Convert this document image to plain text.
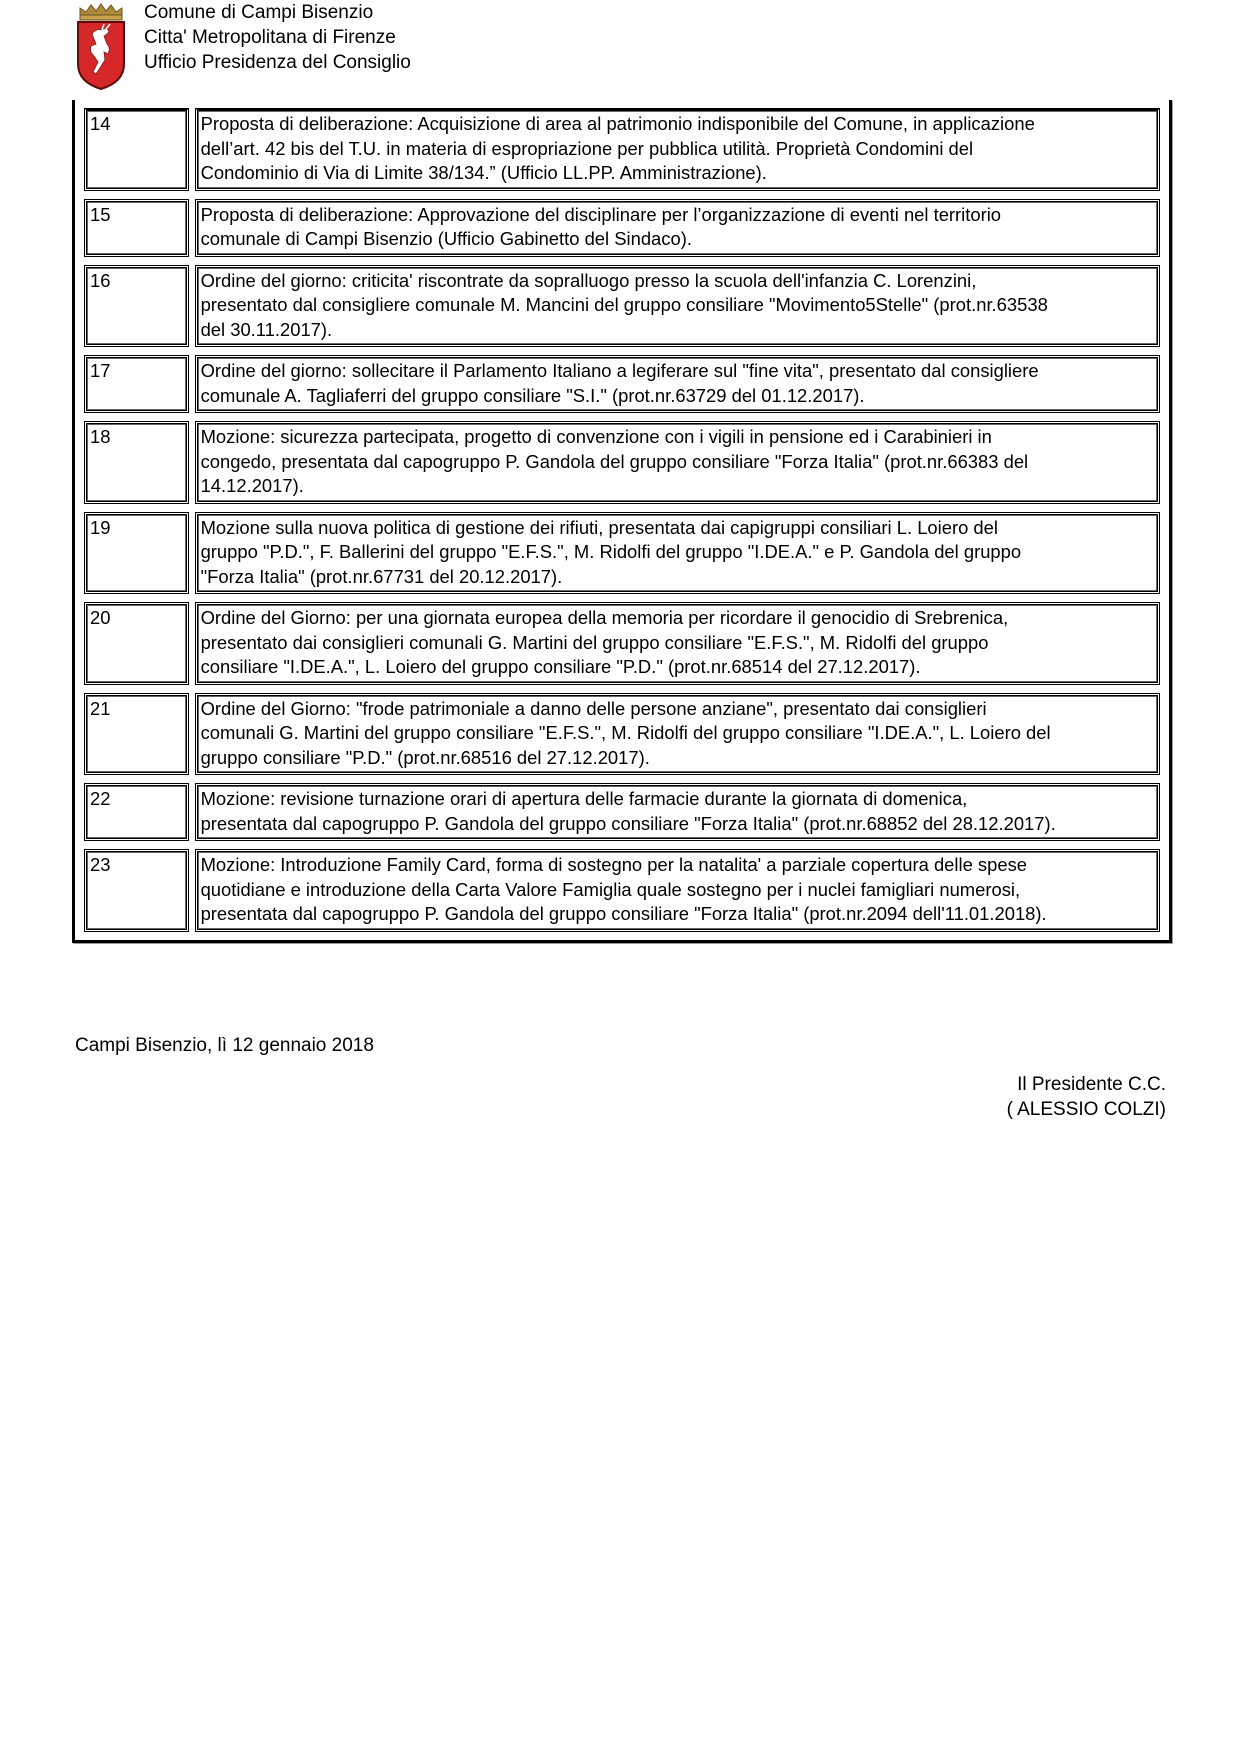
Comune di Campi Bisenzio
Citta' Metropolitana di Firenze
Ufficio Presidenza del Consiglio
14	Proposta di deliberazione: Acquisizione di area al patrimonio indisponibile del Comune, in applicazione
dell’art. 42 bis del T.U. in materia di espropriazione per pubblica utilità. Proprietà Condomini del
Condominio di Via di Limite 38/134.” (Ufficio LL.PP. Amministrazione).

15	Proposta di deliberazione: Approvazione del disciplinare per l’organizzazione di eventi nel territorio
comunale di Campi Bisenzio (Ufficio Gabinetto del Sindaco).

16	Ordine del giorno: criticita' riscontrate da sopralluogo presso la scuola dell'infanzia C. Lorenzini,
presentato dal consigliere comunale M. Mancini del gruppo consiliare "Movimento5Stelle" (prot.nr.63538
del 30.11.2017).

17	Ordine del giorno: sollecitare il Parlamento Italiano a legiferare sul "fine vita", presentato dal consigliere
comunale A. Tagliaferri del gruppo consiliare "S.I." (prot.nr.63729 del 01.12.2017).

18	Mozione: sicurezza partecipata, progetto di convenzione con i vigili in pensione ed i Carabinieri in
congedo, presentata dal capogruppo P. Gandola del gruppo consiliare "Forza Italia" (prot.nr.66383 del
14.12.2017).

19	Mozione sulla nuova politica di gestione dei rifiuti, presentata dai capigruppi consiliari L. Loiero del
gruppo "P.D.", F. Ballerini del gruppo "E.F.S.", M. Ridolfi del gruppo "I.DE.A." e P. Gandola del gruppo
"Forza Italia" (prot.nr.67731 del 20.12.2017).

20	Ordine del Giorno: per una giornata europea della memoria per ricordare il genocidio di Srebrenica,
presentato dai consiglieri comunali G. Martini del gruppo consiliare "E.F.S.", M. Ridolfi del gruppo
consiliare "I.DE.A.", L. Loiero del gruppo consiliare "P.D." (prot.nr.68514 del 27.12.2017).

21	Ordine del Giorno: "frode patrimoniale a danno delle persone anziane", presentato dai consiglieri
comunali G. Martini del gruppo consiliare "E.F.S.", M. Ridolfi del gruppo consiliare "I.DE.A.", L. Loiero del
gruppo consiliare "P.D." (prot.nr.68516 del 27.12.2017).

22	Mozione: revisione turnazione orari di apertura delle farmacie durante la giornata di domenica,
presentata dal capogruppo P. Gandola del gruppo consiliare "Forza Italia" (prot.nr.68852 del 28.12.2017).

23	Mozione: Introduzione Family Card, forma di sostegno per la natalita' a parziale copertura delle spese
quotidiane e introduzione della Carta Valore Famiglia quale sostegno per i nuclei famigliari numerosi,
presentata dal capogruppo P. Gandola del gruppo consiliare "Forza Italia" (prot.nr.2094 dell'11.01.2018).
Campi Bisenzio, lì 12 gennaio 2018
Il Presidente C.C.
( ALESSIO COLZI)
